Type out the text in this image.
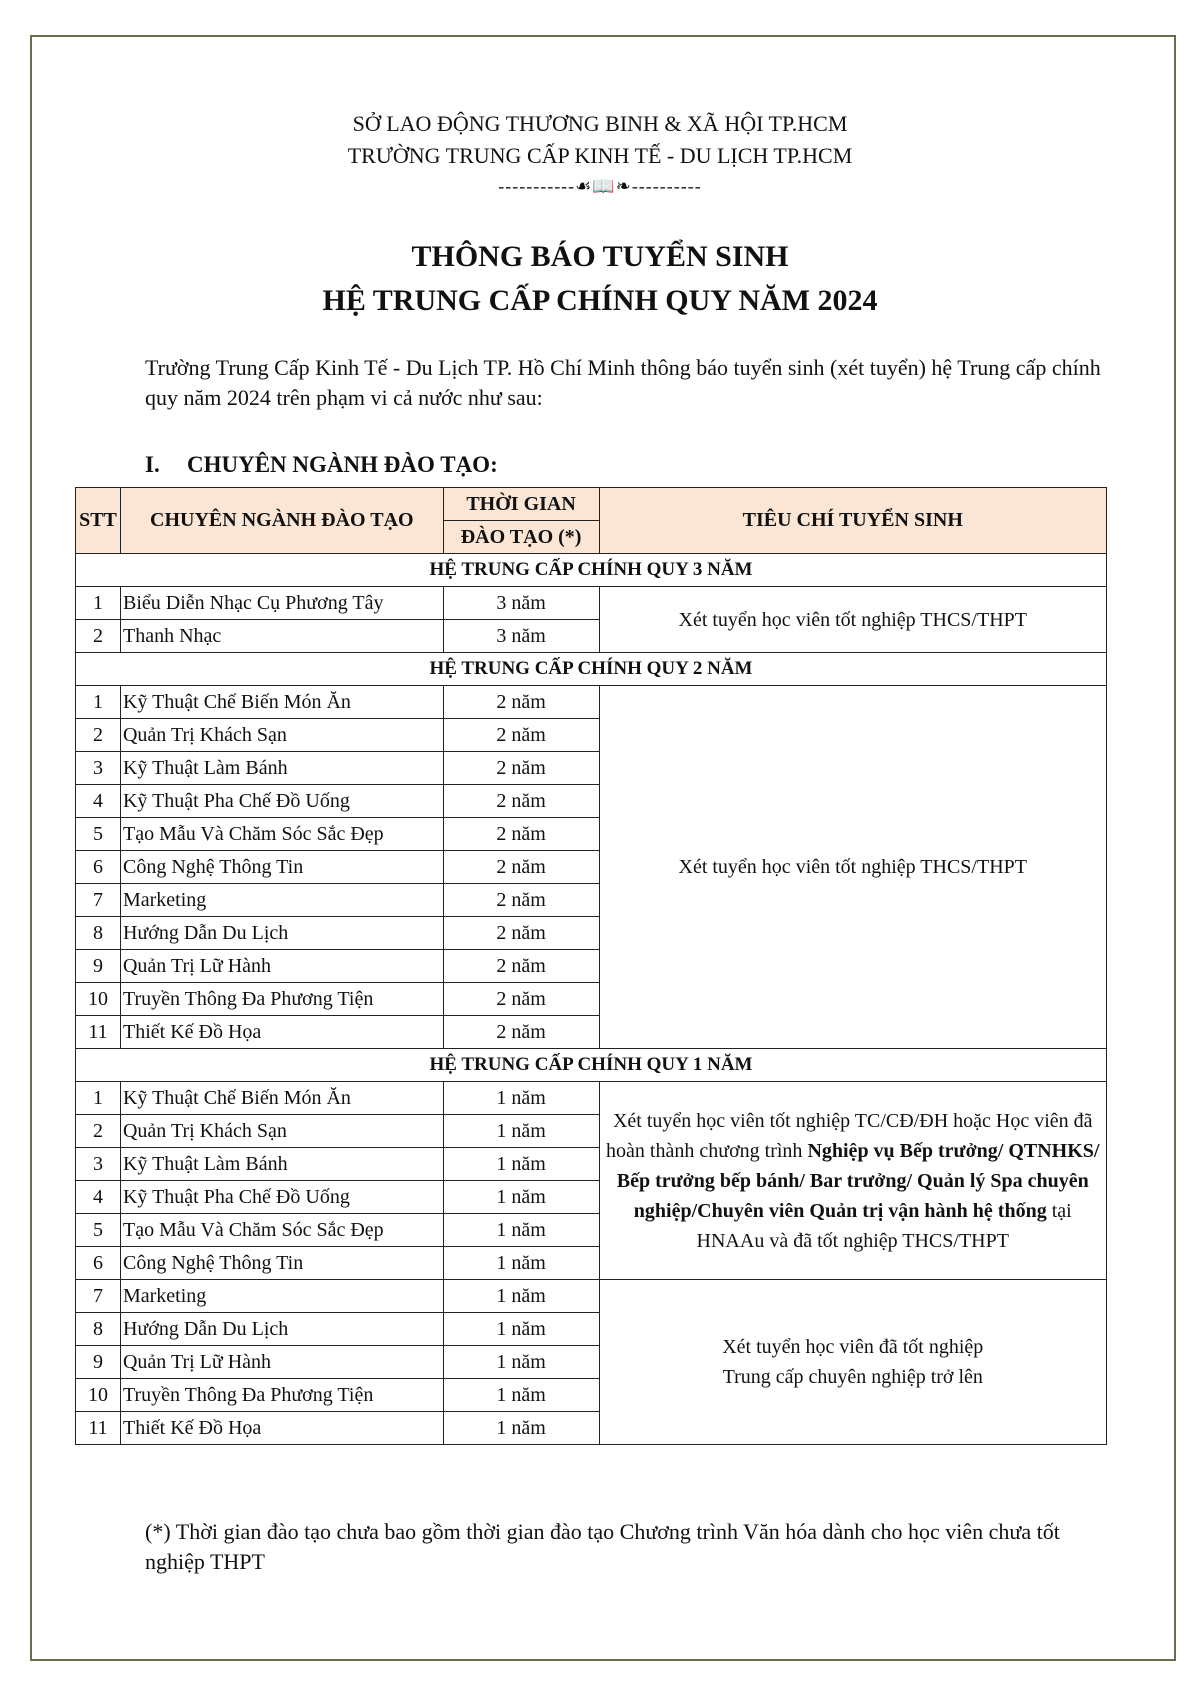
SỞ LAO ĐỘNG THƯƠNG BINH & XÃ HỘI TP.HCM
TRƯỜNG TRUNG CẤP KINH TẾ - DU LỊCH TP.HCM
-----------☙📖❧----------
THÔNG BÁO TUYỂN SINH
HỆ TRUNG CẤP CHÍNH QUY NĂM 2024
Trường Trung Cấp Kinh Tế - Du Lịch TP. Hồ Chí Minh thông báo tuyển sinh (xét tuyển) hệ Trung cấp chính quy năm 2024 trên phạm vi cả nước như sau:
I. CHUYÊN NGÀNH ĐÀO TẠO:
STT	CHUYÊN NGÀNH ĐÀO TẠO	THỜI GIAN	TIÊU CHÍ TUYỂN SINH
		ĐÀO TẠO (*)	
HỆ TRUNG CẤP CHÍNH QUY 3 NĂM			
1	Biểu Diễn Nhạc Cụ Phương Tây	3 năm	Xét tuyển học viên tốt nghiệp THCS/THPT
2	Thanh Nhạc	3 năm	
HỆ TRUNG CẤP CHÍNH QUY 2 NĂM			
1	Kỹ Thuật Chế Biến Món Ăn	2 năm	Xét tuyển học viên tốt nghiệp THCS/THPT
2	Quản Trị Khách Sạn	2 năm	
3	Kỹ Thuật Làm Bánh	2 năm	
4	Kỹ Thuật Pha Chế Đồ Uống	2 năm	
5	Tạo Mẫu Và Chăm Sóc Sắc Đẹp	2 năm	
6	Công Nghệ Thông Tin	2 năm	
7	Marketing	2 năm	
8	Hướng Dẫn Du Lịch	2 năm	
9	Quản Trị Lữ Hành	2 năm	
10	Truyền Thông Đa Phương Tiện	2 năm	
11	Thiết Kế Đồ Họa	2 năm	
HỆ TRUNG CẤP CHÍNH QUY 1 NĂM			
1	Kỹ Thuật Chế Biến Món Ăn	1 năm	Xét tuyển học viên tốt nghiệp TC/CĐ/ĐH hoặc Học viên đã hoàn thành chương trình Nghiệp vụ Bếp trưởng/ QTNHKS/ Bếp trưởng bếp bánh/ Bar trưởng/ Quản lý Spa chuyên nghiệp/Chuyên viên Quản trị vận hành hệ thống tại HNAAu và đã tốt nghiệp THCS/THPT
2	Quản Trị Khách Sạn	1 năm	
3	Kỹ Thuật Làm Bánh	1 năm	
4	Kỹ Thuật Pha Chế Đồ Uống	1 năm	
5	Tạo Mẫu Và Chăm Sóc Sắc Đẹp	1 năm	
6	Công Nghệ Thông Tin	1 năm	
7	Marketing	1 năm	Xét tuyển học viên đã tốt nghiệp
Trung cấp chuyên nghiệp trở lên
8	Hướng Dẫn Du Lịch	1 năm	
9	Quản Trị Lữ Hành	1 năm	
10	Truyền Thông Đa Phương Tiện	1 năm	
11	Thiết Kế Đồ Họa	1 năm	
(*) Thời gian đào tạo chưa bao gồm thời gian đào tạo Chương trình Văn hóa dành cho học viên chưa tốt nghiệp THPT
